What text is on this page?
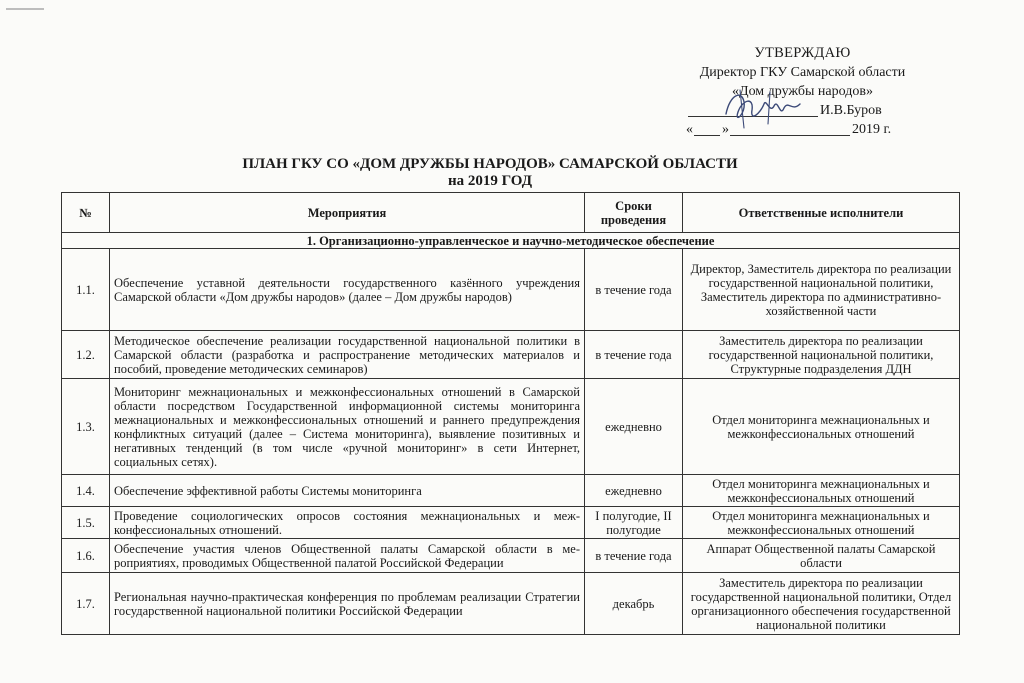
УТВЕРЖДАЮ
Директор ГКУ Самарской области
«Дом дружбы народов»
И.В.Буров
« »	2019 г.
ПЛАН ГКУ СО «ДОМ ДРУЖБЫ НАРОДОВ» САМАРСКОЙ ОБЛАСТИ
на 2019 ГОД
№	Мероприятия	Сроки проведения	Ответственные исполнители
1. Организационно-управленческое и научно-методическое обеспечение			
1.1.	Обеспечение уставной деятельности государственного казённого учреждения Самарской области «Дом дружбы народов» (далее – Дом дружбы народов)	в течение года	Директор, Заместитель директора по реализации государственной национальной политики, Заместитель директора по административно-хозяйственной части
1.2.	Методическое обеспечение реализации государственной национальной политики в Самарской области (разработка и распространение методических материалов и пособий, проведение методических семинаров)	в течение года	Заместитель директора по реализации государственной национальной политики, Структурные подразделения ДДН
1.3.	Мониторинг межнациональных и межконфессиональных отношений в Самарской области посредством Государственной информационной системы мониторинга межнациональных и межконфессиональных отношений и раннего предупреждения конфликтных ситуаций (далее – Система мониторинга), выявление позитивных и негативных тенденций (в том числе «ручной мониторинг» в сети Интернет, социальных сетях).	ежедневно	Отдел мониторинга межнациональных и межконфессиональных отношений
1.4.	Обеспечение эффективной работы Системы мониторинга	ежедневно	Отдел мониторинга межнациональных и межконфессиональных отношений
1.5.	Проведение социологических опросов состояния межнациональных и меж-конфессиональных отношений.	I полугодие, II полугодие	Отдел мониторинга межнациональных и межконфессиональных отношений
1.6.	Обеспечение участия членов Общественной палаты Самарской области в ме-роприятиях, проводимых Общественной палатой Российской Федерации	в течение года	Аппарат Общественной палаты Самарской области
1.7.	Региональная научно-практическая конференция по проблемам реализации Стратегии государственной национальной политики Российской Федерации	декабрь	Заместитель директора по реализации государственной национальной политики, Отдел организационного обеспечения государственной национальной политики
